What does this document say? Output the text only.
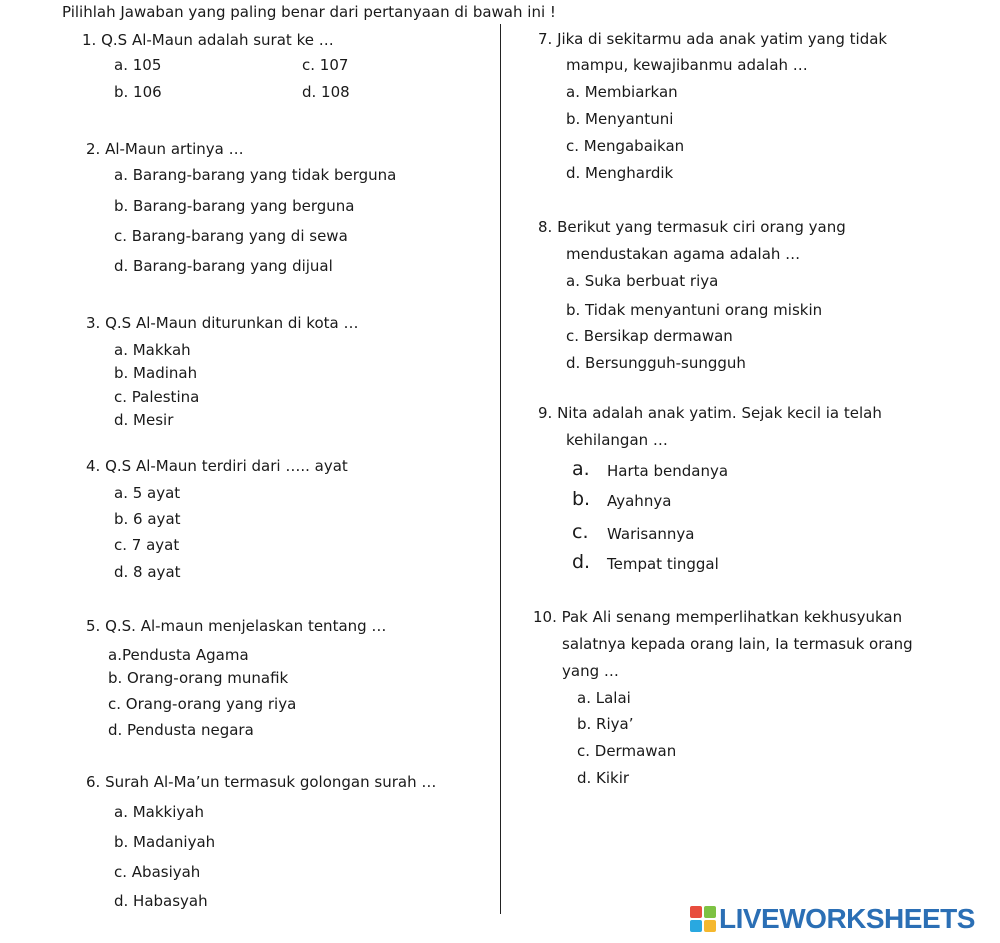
Pilihlah Jawaban yang paling benar dari pertanyaan di bawah ini !
1. Q.S Al-Maun adalah surat ke …
a. 105	c. 107
b. 106	d. 108
2. Al-Maun artinya …
a. Barang-barang yang tidak berguna
b. Barang-barang yang berguna
c. Barang-barang yang di sewa
d. Barang-barang yang dijual
3. Q.S Al-Maun diturunkan di kota …
a. Makkah
b. Madinah
c. Palestina
d. Mesir
4. Q.S Al-Maun terdiri dari ….. ayat
a. 5 ayat
b. 6 ayat
c. 7 ayat
d. 8 ayat
5. Q.S. Al-maun menjelaskan tentang …
a.Pendusta Agama
b. Orang-orang munafik
c. Orang-orang yang riya
d. Pendusta negara
6. Surah Al-Ma’un termasuk golongan surah …
a. Makkiyah
b. Madaniyah
c. Abasiyah
d. Habasyah
7. Jika di sekitarmu ada anak yatim yang tidak
mampu, kewajibanmu adalah …
a. Membiarkan
b. Menyantuni
c. Mengabaikan
d. Menghardik
8. Berikut yang termasuk ciri orang yang
mendustakan agama adalah …
a. Suka berbuat riya
b. Tidak menyantuni orang miskin
c. Bersikap dermawan
d. Bersungguh-sungguh
9. Nita adalah anak yatim. Sejak kecil ia telah
kehilangan …
a. Harta bendanya
b. Ayahnya
c. Warisannya
d. Tempat tinggal
10. Pak Ali senang memperlihatkan kekhusyukan
salatnya kepada orang lain, Ia termasuk orang
yang …
a. Lalai
b. Riya’
c. Dermawan
d. Kikir
LIVEWORKSHEETS
